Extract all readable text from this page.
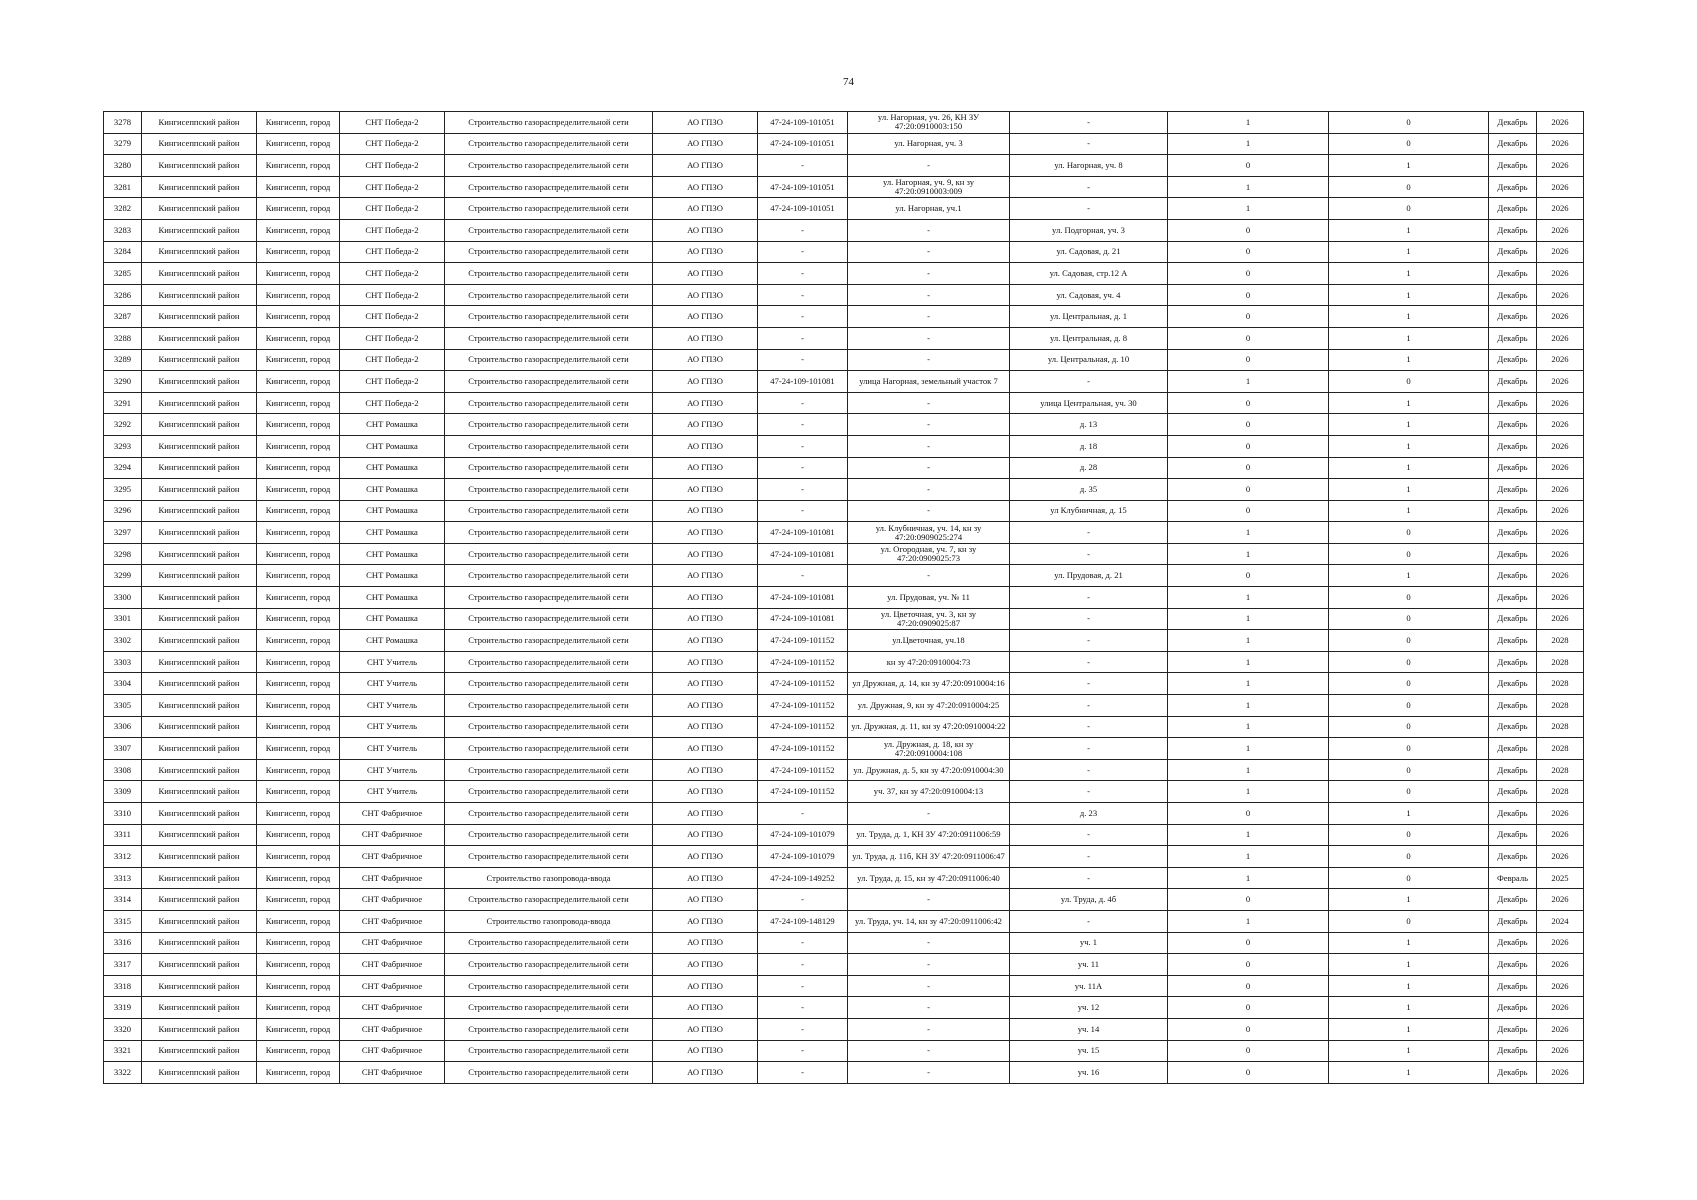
74
3278	Кингисеппский район	Кингисепп, город	СНТ Победа-2	Строительство газораспределительной сети	АО ГПЗО	47-24-109-101051	ул. Нагорная, уч. 26, КН ЗУ 47:20:0910003:150	-	1	0	Декабрь	2026
3279	Кингисеппский район	Кингисепп, город	СНТ Победа-2	Строительство газораспределительной сети	АО ГПЗО	47-24-109-101051	ул. Нагорная, уч. 3	-	1	0	Декабрь	2026
3280	Кингисеппский район	Кингисепп, город	СНТ Победа-2	Строительство газораспределительной сети	АО ГПЗО	-	-	ул. Нагорная, уч. 8	0	1	Декабрь	2026
3281	Кингисеппский район	Кингисепп, город	СНТ Победа-2	Строительство газораспределительной сети	АО ГПЗО	47-24-109-101051	ул. Нагорная, уч. 9, кн зу 47:20:0910003:009	-	1	0	Декабрь	2026
3282	Кингисеппский район	Кингисепп, город	СНТ Победа-2	Строительство газораспределительной сети	АО ГПЗО	47-24-109-101051	ул. Нагорная, уч.1	-	1	0	Декабрь	2026
3283	Кингисеппский район	Кингисепп, город	СНТ Победа-2	Строительство газораспределительной сети	АО ГПЗО	-	-	ул. Подгорная, уч. 3	0	1	Декабрь	2026
3284	Кингисеппский район	Кингисепп, город	СНТ Победа-2	Строительство газораспределительной сети	АО ГПЗО	-	-	ул. Садовая, д. 21	0	1	Декабрь	2026
3285	Кингисеппский район	Кингисепп, город	СНТ Победа-2	Строительство газораспределительной сети	АО ГПЗО	-	-	ул. Садовая, стр.12 А	0	1	Декабрь	2026
3286	Кингисеппский район	Кингисепп, город	СНТ Победа-2	Строительство газораспределительной сети	АО ГПЗО	-	-	ул. Садовая, уч. 4	0	1	Декабрь	2026
3287	Кингисеппский район	Кингисепп, город	СНТ Победа-2	Строительство газораспределительной сети	АО ГПЗО	-	-	ул. Центральная, д. 1	0	1	Декабрь	2026
3288	Кингисеппский район	Кингисепп, город	СНТ Победа-2	Строительство газораспределительной сети	АО ГПЗО	-	-	ул. Центральная, д. 8	0	1	Декабрь	2026
3289	Кингисеппский район	Кингисепп, город	СНТ Победа-2	Строительство газораспределительной сети	АО ГПЗО	-	-	ул. Центральная, д. 10	0	1	Декабрь	2026
3290	Кингисеппский район	Кингисепп, город	СНТ Победа-2	Строительство газораспределительной сети	АО ГПЗО	47-24-109-101081	улица Нагорная, земельный участок 7	-	1	0	Декабрь	2026
3291	Кингисеппский район	Кингисепп, город	СНТ Победа-2	Строительство газораспределительной сети	АО ГПЗО	-	-	улица Центральная, уч. 30	0	1	Декабрь	2026
3292	Кингисеппский район	Кингисепп, город	СНТ Ромашка	Строительство газораспределительной сети	АО ГПЗО	-	-	д. 13	0	1	Декабрь	2026
3293	Кингисеппский район	Кингисепп, город	СНТ Ромашка	Строительство газораспределительной сети	АО ГПЗО	-	-	д. 18	0	1	Декабрь	2026
3294	Кингисеппский район	Кингисепп, город	СНТ Ромашка	Строительство газораспределительной сети	АО ГПЗО	-	-	д. 28	0	1	Декабрь	2026
3295	Кингисеппский район	Кингисепп, город	СНТ Ромашка	Строительство газораспределительной сети	АО ГПЗО	-	-	д. 35	0	1	Декабрь	2026
3296	Кингисеппский район	Кингисепп, город	СНТ Ромашка	Строительство газораспределительной сети	АО ГПЗО	-	-	ул Клубничная, д. 15	0	1	Декабрь	2026
3297	Кингисеппский район	Кингисепп, город	СНТ Ромашка	Строительство газораспределительной сети	АО ГПЗО	47-24-109-101081	ул. Клубничная, уч. 14, кн зу 47:20:0909025:274	-	1	0	Декабрь	2026
3298	Кингисеппский район	Кингисепп, город	СНТ Ромашка	Строительство газораспределительной сети	АО ГПЗО	47-24-109-101081	ул. Огородная, уч. 7, кн зу 47:20:0909025:73	-	1	0	Декабрь	2026
3299	Кингисеппский район	Кингисепп, город	СНТ Ромашка	Строительство газораспределительной сети	АО ГПЗО	-	-	ул. Прудовая, д. 21	0	1	Декабрь	2026
3300	Кингисеппский район	Кингисепп, город	СНТ Ромашка	Строительство газораспределительной сети	АО ГПЗО	47-24-109-101081	ул. Прудовая, уч. № 11	-	1	0	Декабрь	2026
3301	Кингисеппский район	Кингисепп, город	СНТ Ромашка	Строительство газораспределительной сети	АО ГПЗО	47-24-109-101081	ул. Цветочная, уч. 3, кн зу 47:20:0909025:87	-	1	0	Декабрь	2026
3302	Кингисеппский район	Кингисепп, город	СНТ Ромашка	Строительство газораспределительной сети	АО ГПЗО	47-24-109-101152	ул.Цветочная, уч.18	-	1	0	Декабрь	2028
3303	Кингисеппский район	Кингисепп, город	СНТ Учитель	Строительство газораспределительной сети	АО ГПЗО	47-24-109-101152	кн зу 47:20:0910004:73	-	1	0	Декабрь	2028
3304	Кингисеппский район	Кингисепп, город	СНТ Учитель	Строительство газораспределительной сети	АО ГПЗО	47-24-109-101152	ул Дружная, д. 14, кн зу 47:20:0910004:16	-	1	0	Декабрь	2028
3305	Кингисеппский район	Кингисепп, город	СНТ Учитель	Строительство газораспределительной сети	АО ГПЗО	47-24-109-101152	ул. Дружная, 9, кн зу 47:20:0910004:25	-	1	0	Декабрь	2028
3306	Кингисеппский район	Кингисепп, город	СНТ Учитель	Строительство газораспределительной сети	АО ГПЗО	47-24-109-101152	ул. Дружная, д. 11, кн зу 47:20:0910004:22	-	1	0	Декабрь	2028
3307	Кингисеппский район	Кингисепп, город	СНТ Учитель	Строительство газораспределительной сети	АО ГПЗО	47-24-109-101152	ул. Дружная, д. 18, кн зу 47:20:0910004:108	-	1	0	Декабрь	2028
3308	Кингисеппский район	Кингисепп, город	СНТ Учитель	Строительство газораспределительной сети	АО ГПЗО	47-24-109-101152	ул. Дружная, д. 5, кн зу 47:20:0910004:30	-	1	0	Декабрь	2028
3309	Кингисеппский район	Кингисепп, город	СНТ Учитель	Строительство газораспределительной сети	АО ГПЗО	47-24-109-101152	уч. 37, кн зу 47:20:0910004:13	-	1	0	Декабрь	2028
3310	Кингисеппский район	Кингисепп, город	СНТ Фабричное	Строительство газораспределительной сети	АО ГПЗО	-	-	д. 23	0	1	Декабрь	2026
3311	Кингисеппский район	Кингисепп, город	СНТ Фабричное	Строительство газораспределительной сети	АО ГПЗО	47-24-109-101079	ул. Труда, д. 1, КН ЗУ 47:20:0911006:59	-	1	0	Декабрь	2026
3312	Кингисеппский район	Кингисепп, город	СНТ Фабричное	Строительство газораспределительной сети	АО ГПЗО	47-24-109-101079	ул. Труда, д. 11б, КН ЗУ 47:20:0911006:47	-	1	0	Декабрь	2026
3313	Кингисеппский район	Кингисепп, город	СНТ Фабричное	Строительство газопровода-ввода	АО ГПЗО	47-24-109-149252	ул. Труда, д. 15, кн зу 47:20:0911006:40	-	1	0	Февраль	2025
3314	Кингисеппский район	Кингисепп, город	СНТ Фабричное	Строительство газораспределительной сети	АО ГПЗО	-	-	ул. Труда, д. 4б	0	1	Декабрь	2026
3315	Кингисеппский район	Кингисепп, город	СНТ Фабричное	Строительство газопровода-ввода	АО ГПЗО	47-24-109-148129	ул. Труда, уч. 14, кн зу 47:20:0911006:42	-	1	0	Декабрь	2024
3316	Кингисеппский район	Кингисепп, город	СНТ Фабричное	Строительство газораспределительной сети	АО ГПЗО	-	-	уч. 1	0	1	Декабрь	2026
3317	Кингисеппский район	Кингисепп, город	СНТ Фабричное	Строительство газораспределительной сети	АО ГПЗО	-	-	уч. 11	0	1	Декабрь	2026
3318	Кингисеппский район	Кингисепп, город	СНТ Фабричное	Строительство газораспределительной сети	АО ГПЗО	-	-	уч. 11А	0	1	Декабрь	2026
3319	Кингисеппский район	Кингисепп, город	СНТ Фабричное	Строительство газораспределительной сети	АО ГПЗО	-	-	уч. 12	0	1	Декабрь	2026
3320	Кингисеппский район	Кингисепп, город	СНТ Фабричное	Строительство газораспределительной сети	АО ГПЗО	-	-	уч. 14	0	1	Декабрь	2026
3321	Кингисеппский район	Кингисепп, город	СНТ Фабричное	Строительство газораспределительной сети	АО ГПЗО	-	-	уч. 15	0	1	Декабрь	2026
3322	Кингисеппский район	Кингисепп, город	СНТ Фабричное	Строительство газораспределительной сети	АО ГПЗО	-	-	уч. 16	0	1	Декабрь	2026
